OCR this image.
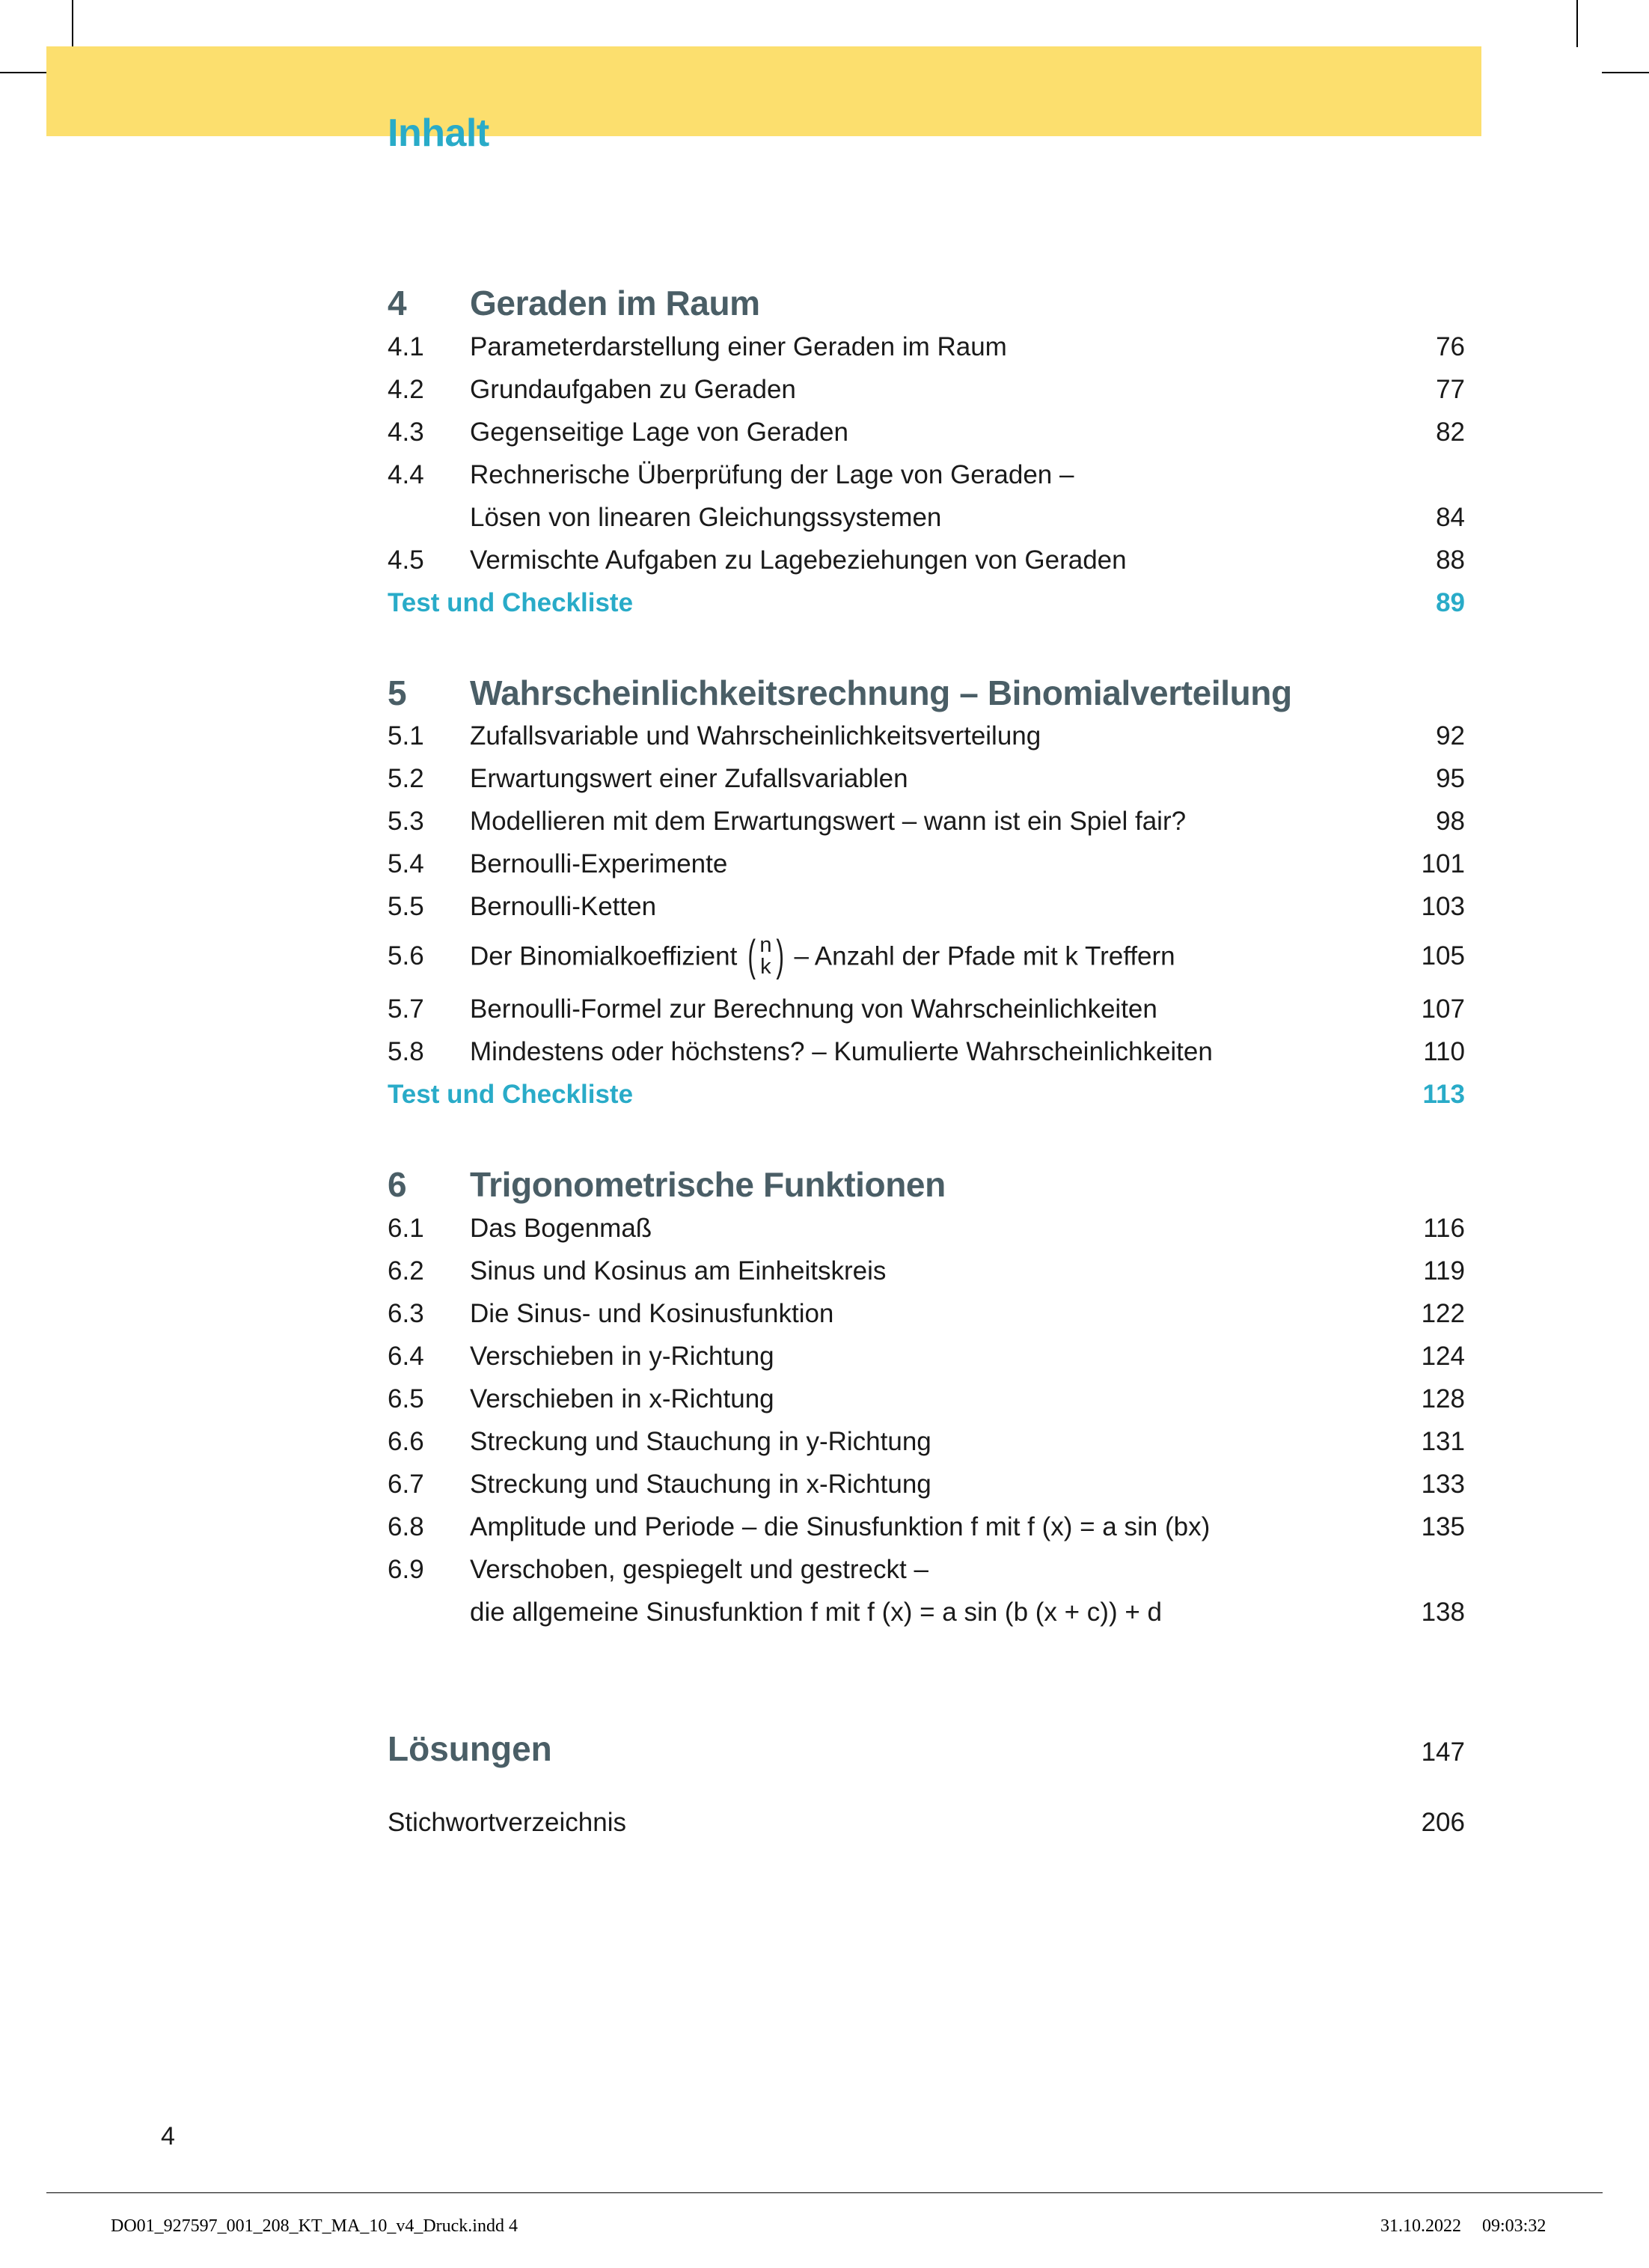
Inhalt
4	Geraden im Raum
4.1	Parameterdarstellung einer Geraden im Raum	76
4.2	Grundaufgaben zu Geraden	77
4.3	Gegenseitige Lage von Geraden	82
4.4	Rechnerische Überprüfung der Lage von Geraden –
Lösen von linearen Gleichungssystemen	84
4.5	Vermischte Aufgaben zu Lagebeziehungen von Geraden	88
Test und Checkliste	89
5	Wahrscheinlichkeitsrechnung – Binomialverteilung
5.1	Zufallsvariable und Wahrscheinlichkeitsverteilung	92
5.2	Erwartungswert einer Zufallsvariablen	95
5.3	Modellieren mit dem Erwartungswert – wann ist ein Spiel fair?	98
5.4	Bernoulli-Experimente	101
5.5	Bernoulli-Ketten	103
5.6	Der Binomialkoeffizient ( n
k ) – Anzahl der Pfade mit k Treffern	105
5.7	Bernoulli-Formel zur Berechnung von Wahrscheinlichkeiten	107
5.8	Mindestens oder höchstens? – Kumulierte Wahrscheinlichkeiten	110
Test und Checkliste	113
6	Trigonometrische Funktionen
6.1	Das Bogenmaß	116
6.2	Sinus und Kosinus am Einheitskreis	119
6.3	Die Sinus- und Kosinusfunktion	122
6.4	Verschieben in y-Richtung	124
6.5	Verschieben in x-Richtung	128
6.6	Streckung und Stauchung in y-Richtung	131
6.7	Streckung und Stauchung in x-Richtung	133
6.8	Amplitude und Periode – die Sinusfunktion f mit f (x) = a sin (bx)	135
6.9	Verschoben, gespiegelt und gestreckt –
die allgemeine Sinusfunktion f mit f (x) = a sin (b (x + c)) + d	138
Lösungen	147
Stichwortverzeichnis	206
4
DO01_927597_001_208_KT_MA_10_v4_Druck.indd 4	31.10.2022 09:03:32
